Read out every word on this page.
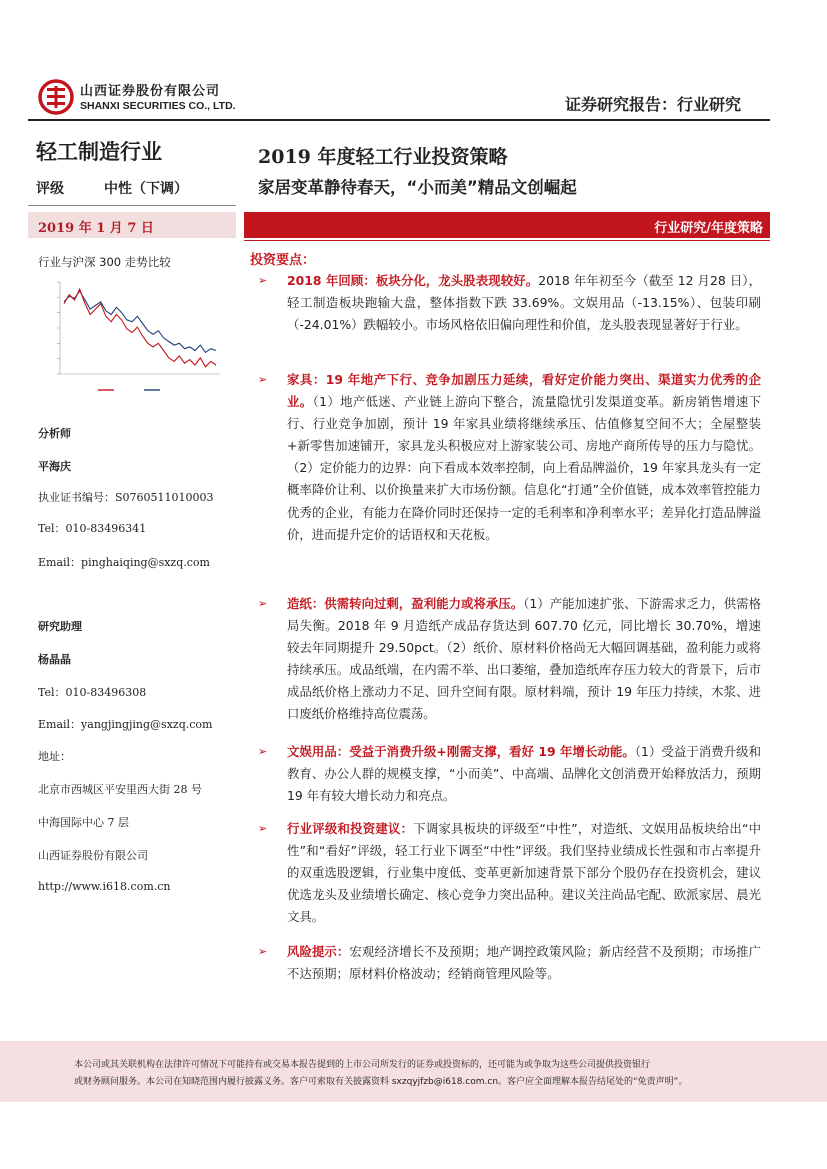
山西证券股份有限公司
SHANXI SECURITIES CO., LTD.	证券研究报告：行业研究
轻工制造行业
评级	中性（下调）
2019 年度轻工行业投资策略
家居变革静待春天，“小而美”精品文创崛起
2019 年 1 月 7 日	行业研究/年度策略
行业与沪深 300 走势比较
分析师
平海庆
执业证书编号：S0760511010003
Tel：010-83496341
Email：pinghaiqing@sxzq.com
研究助理
杨晶晶
Tel：010-83496308
Email：yangjingjing@sxzq.com
地址：
北京市西城区平安里西大街 28 号
中海国际中心 7 层
山西证券股份有限公司
http://www.i618.com.cn
投资要点：
➢	2018 年回顾：板块分化，龙头股表现较好。2018 年年初至今（截至 12 月28 日），轻工制造板块跑输大盘，整体指数下跌 33.69%。文娱用品（-13.15%）、包装印刷（-24.01%）跌幅较小。市场风格依旧偏向理性和价值，龙头股表现显著好于行业。
➢	家具：19 年地产下行、竞争加剧压力延续，看好定价能力突出、渠道实力优秀的企业。（1）地产低迷、产业链上游向下整合，流量隐忧引发渠道变革。新房销售增速下行、行业竞争加剧，预计 19 年家具业绩将继续承压、估值修复空间不大；全屋整装+新零售加速铺开，家具龙头积极应对上游家装公司、房地产商所传导的压力与隐忧。（2）定价能力的边界：向下看成本效率控制，向上看品牌溢价，19 年家具龙头有一定概率降价让利、以价换量来扩大市场份额。信息化“打通”全价值链，成本效率管控能力优秀的企业，有能力在降价同时还保持一定的毛利率和净利率水平；差异化打造品牌溢价，进而提升定价的话语权和天花板。
➢	造纸：供需转向过剩，盈利能力或将承压。（1）产能加速扩张、下游需求乏力，供需格局失衡。2018 年 9 月造纸产成品存货达到 607.70 亿元，同比增长 30.70%，增速较去年同期提升 29.50pct。（2）纸价、原材料价格尚无大幅回调基础，盈利能力或将持续承压。成品纸端，在内需不举、出口萎缩，叠加造纸库存压力较大的背景下，后市成品纸价格上涨动力不足、回升空间有限。原材料端，预计 19 年压力持续，木浆、进口废纸价格维持高位震荡。
➢	文娱用品：受益于消费升级+刚需支撑，看好 19 年增长动能。（1）受益于消费升级和教育、办公人群的规模支撑，“小而美”、中高端、品牌化文创消费开始释放活力，预期 19 年有较大增长动力和亮点。
➢	行业评级和投资建议：下调家具板块的评级至“中性”，对造纸、文娱用品板块给出“中性”和“看好”评级，轻工行业下调至“中性”评级。我们坚持业绩成长性强和市占率提升的双重选股逻辑，行业集中度低、变革更新加速背景下部分个股仍存在投资机会，建议优选龙头及业绩增长确定、核心竞争力突出品种。建议关注尚品宅配、欧派家居、晨光文具。
➢	风险提示：宏观经济增长不及预期；地产调控政策风险；新店经营不及预期；市场推广不达预期；原材料价格波动；经销商管理风险等。
本公司或其关联机构在法律许可情况下可能持有或交易本报告提到的上市公司所发行的证券或投资标的，还可能为或争取为这些公司提供投资银行
或财务顾问服务。本公司在知晓范围内履行披露义务。客户可索取有关披露资料 sxzqyjfzb@i618.com.cn。客户应全面理解本报告结尾处的“免责声明”。
